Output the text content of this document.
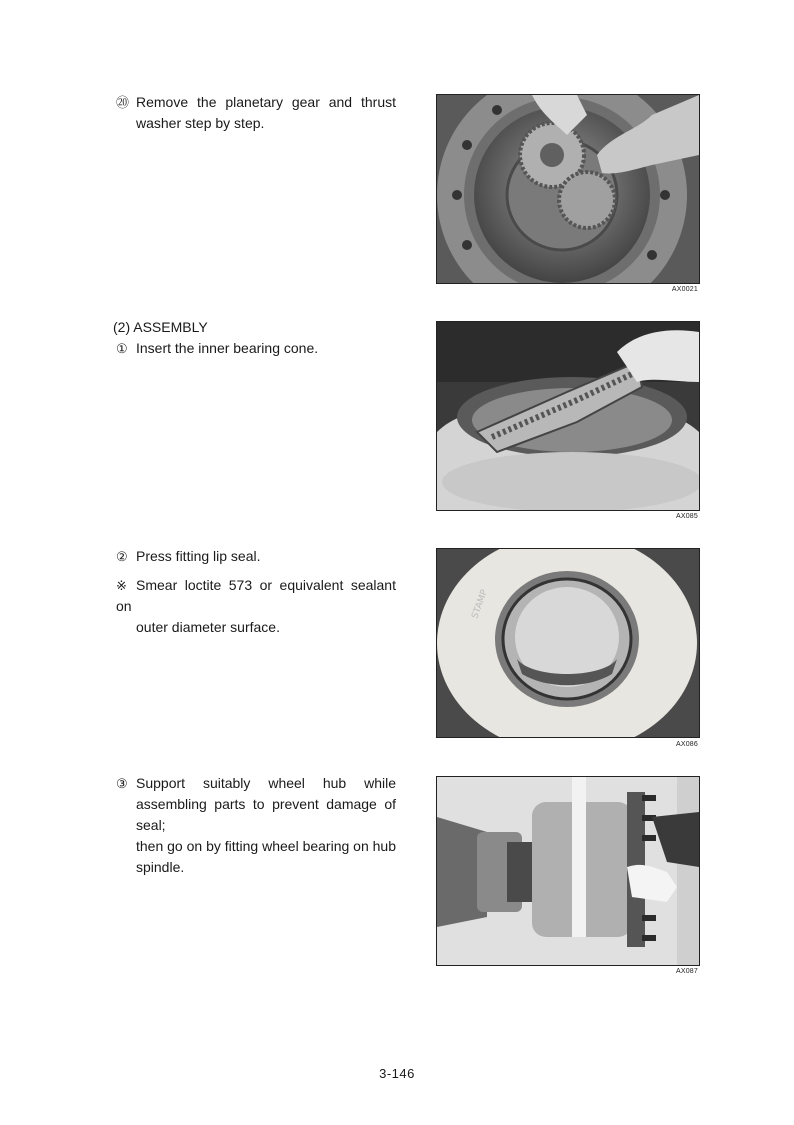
⑳ Remove the planetary gear and thrust
washer step by step.
AX0021
(2) ASSEMBLY
① Insert the inner bearing cone.
AX085
② Press fitting lip seal.
※ Smear loctite 573 or equivalent sealant on
outer diameter surface.
STAMP
AX086
③ Support suitably wheel hub while
assembling parts to prevent damage of seal;
then go on by fitting wheel bearing on hub
spindle.
AX087
3-146
